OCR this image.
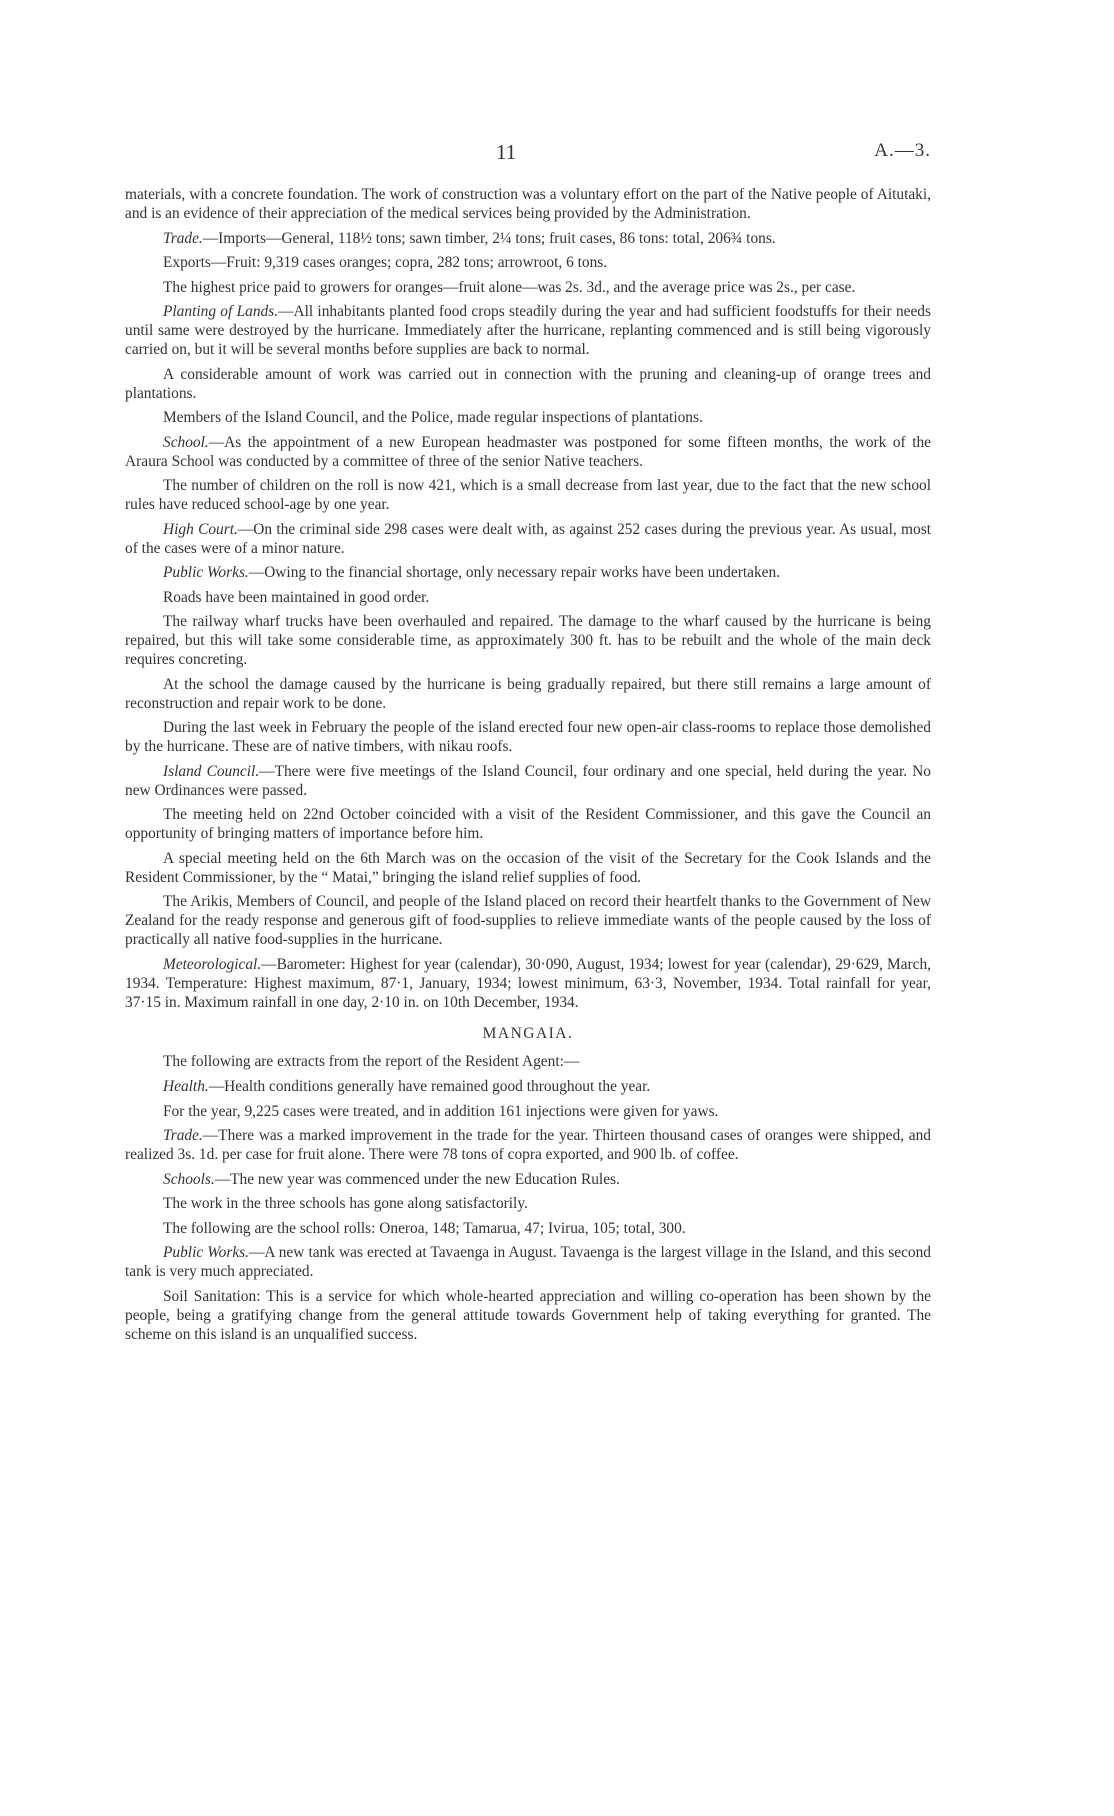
11	A.—3.

materials, with a concrete foundation. The work of construction was a voluntary effort on the part of the Native people of Aitutaki, and is an evidence of their appreciation of the medical services being provided by the Administration.

Trade.—Imports—General, 118½ tons; sawn timber, 2¼ tons; fruit cases, 86 tons: total, 206¾ tons.

Exports—Fruit: 9,319 cases oranges; copra, 282 tons; arrowroot, 6 tons.

The highest price paid to growers for oranges—fruit alone—was 2s. 3d., and the average price was 2s., per case.

Planting of Lands.—All inhabitants planted food crops steadily during the year and had sufficient foodstuffs for their needs until same were destroyed by the hurricane. Immediately after the hurricane, replanting commenced and is still being vigorously carried on, but it will be several months before supplies are back to normal.

A considerable amount of work was carried out in connection with the pruning and cleaning-up of orange trees and plantations.

Members of the Island Council, and the Police, made regular inspections of plantations.

School.—As the appointment of a new European headmaster was postponed for some fifteen months, the work of the Araura School was conducted by a committee of three of the senior Native teachers.

The number of children on the roll is now 421, which is a small decrease from last year, due to the fact that the new school rules have reduced school-age by one year.

High Court.—On the criminal side 298 cases were dealt with, as against 252 cases during the previous year. As usual, most of the cases were of a minor nature.

Public Works.—Owing to the financial shortage, only necessary repair works have been undertaken.

Roads have been maintained in good order.

The railway wharf trucks have been overhauled and repaired. The damage to the wharf caused by the hurricane is being repaired, but this will take some considerable time, as approximately 300 ft. has to be rebuilt and the whole of the main deck requires concreting.

At the school the damage caused by the hurricane is being gradually repaired, but there still remains a large amount of reconstruction and repair work to be done.

During the last week in February the people of the island erected four new open-air class-rooms to replace those demolished by the hurricane. These are of native timbers, with nikau roofs.

Island Council.—There were five meetings of the Island Council, four ordinary and one special, held during the year. No new Ordinances were passed.

The meeting held on 22nd October coincided with a visit of the Resident Commissioner, and this gave the Council an opportunity of bringing matters of importance before him.

A special meeting held on the 6th March was on the occasion of the visit of the Secretary for the Cook Islands and the Resident Commissioner, by the “ Matai,” bringing the island relief supplies of food.

The Arikis, Members of Council, and people of the Island placed on record their heartfelt thanks to the Government of New Zealand for the ready response and generous gift of food-supplies to relieve immediate wants of the people caused by the loss of practically all native food-supplies in the hurricane.

Meteorological.—Barometer: Highest for year (calendar), 30·090, August, 1934; lowest for year (calendar), 29·629, March, 1934. Temperature: Highest maximum, 87·1, January, 1934; lowest minimum, 63·3, November, 1934. Total rainfall for year, 37·15 in. Maximum rainfall in one day, 2·10 in. on 10th December, 1934.

MANGAIA.

The following are extracts from the report of the Resident Agent:—

Health.—Health conditions generally have remained good throughout the year.

For the year, 9,225 cases were treated, and in addition 161 injections were given for yaws.

Trade.—There was a marked improvement in the trade for the year. Thirteen thousand cases of oranges were shipped, and realized 3s. 1d. per case for fruit alone. There were 78 tons of copra exported, and 900 lb. of coffee.

Schools.—The new year was commenced under the new Education Rules.

The work in the three schools has gone along satisfactorily.

The following are the school rolls: Oneroa, 148; Tamarua, 47; Ivirua, 105; total, 300.

Public Works.—A new tank was erected at Tavaenga in August. Tavaenga is the largest village in the Island, and this second tank is very much appreciated.

Soil Sanitation: This is a service for which whole-hearted appreciation and willing co-operation has been shown by the people, being a gratifying change from the general attitude towards Government help of taking everything for granted. The scheme on this island is an unqualified success.
